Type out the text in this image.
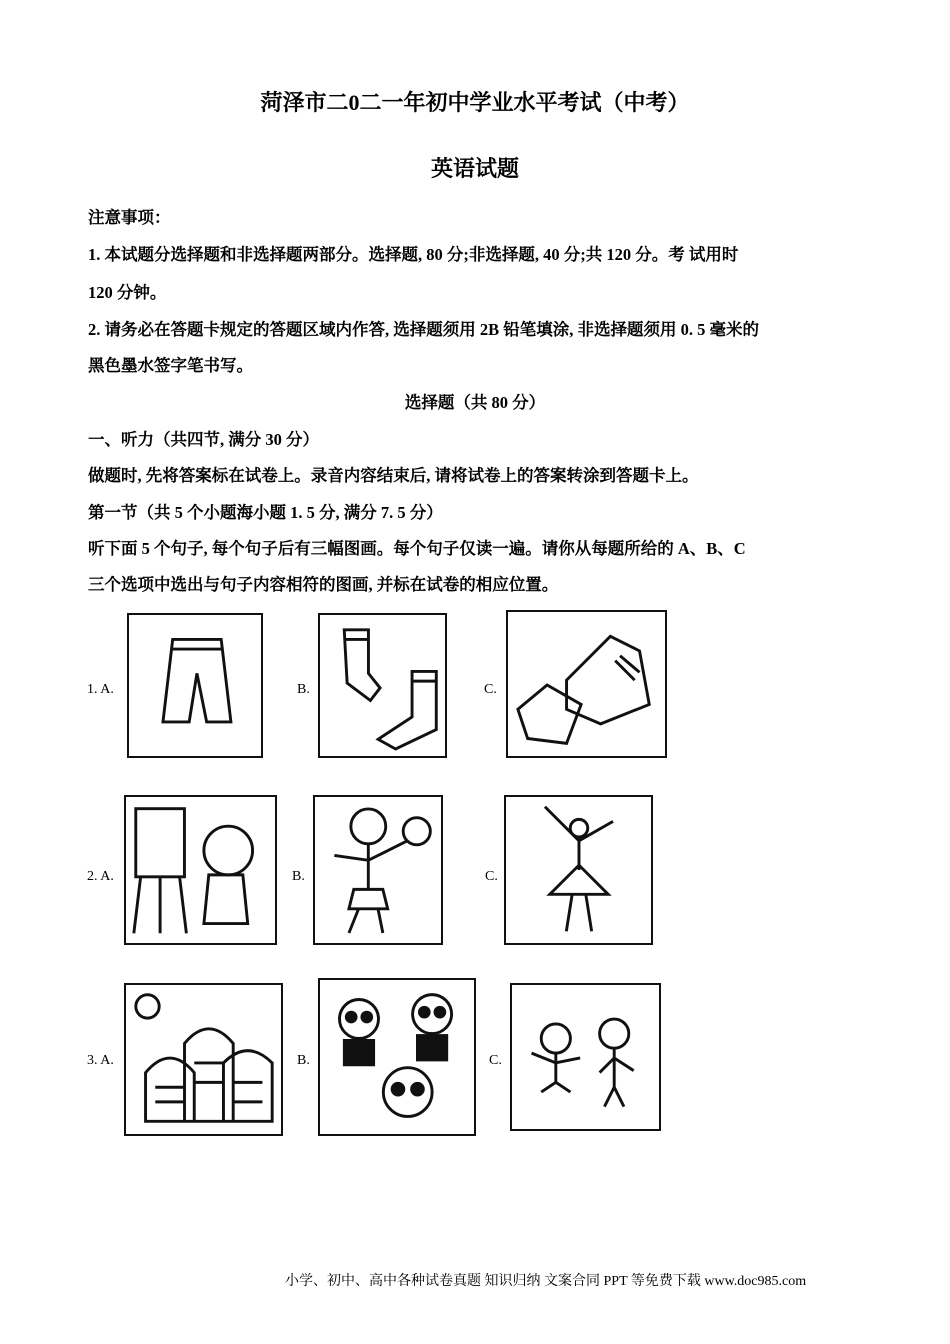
菏泽市二0二一年初中学业水平考试（中考）
英语试题
注意事项：
1. 本试题分选择题和非选择题两部分。选择题, 80 分;非选择题, 40 分;共 120 分。考 试用时
120 分钟。
2. 请务必在答题卡规定的答题区域内作答, 选择题须用 2B 铅笔填涂, 非选择题须用 0. 5 毫米的
黑色墨水签字笔书写。
选择题（共 80 分）
一、听力（共四节, 满分 30 分）
做题时, 先将答案标在试卷上。录音内容结束后, 请将试卷上的答案转涂到答题卡上。
第一节（共 5 个小题海小题 1. 5 分, 满分 7. 5 分）
听下面 5 个句子, 每个句子后有三幅图画。每个句子仅读一遍。请你从每题所给的 A、B、C
三个选项中选出与句子内容相符的图画, 并标在试卷的相应位置。
1. A.	B.	C.
2. A.	B.	C.
3. A.	B.	C.
小学、初中、高中各种试卷真题 知识归纳 文案合同 PPT 等免费下载 www.doc985.com
